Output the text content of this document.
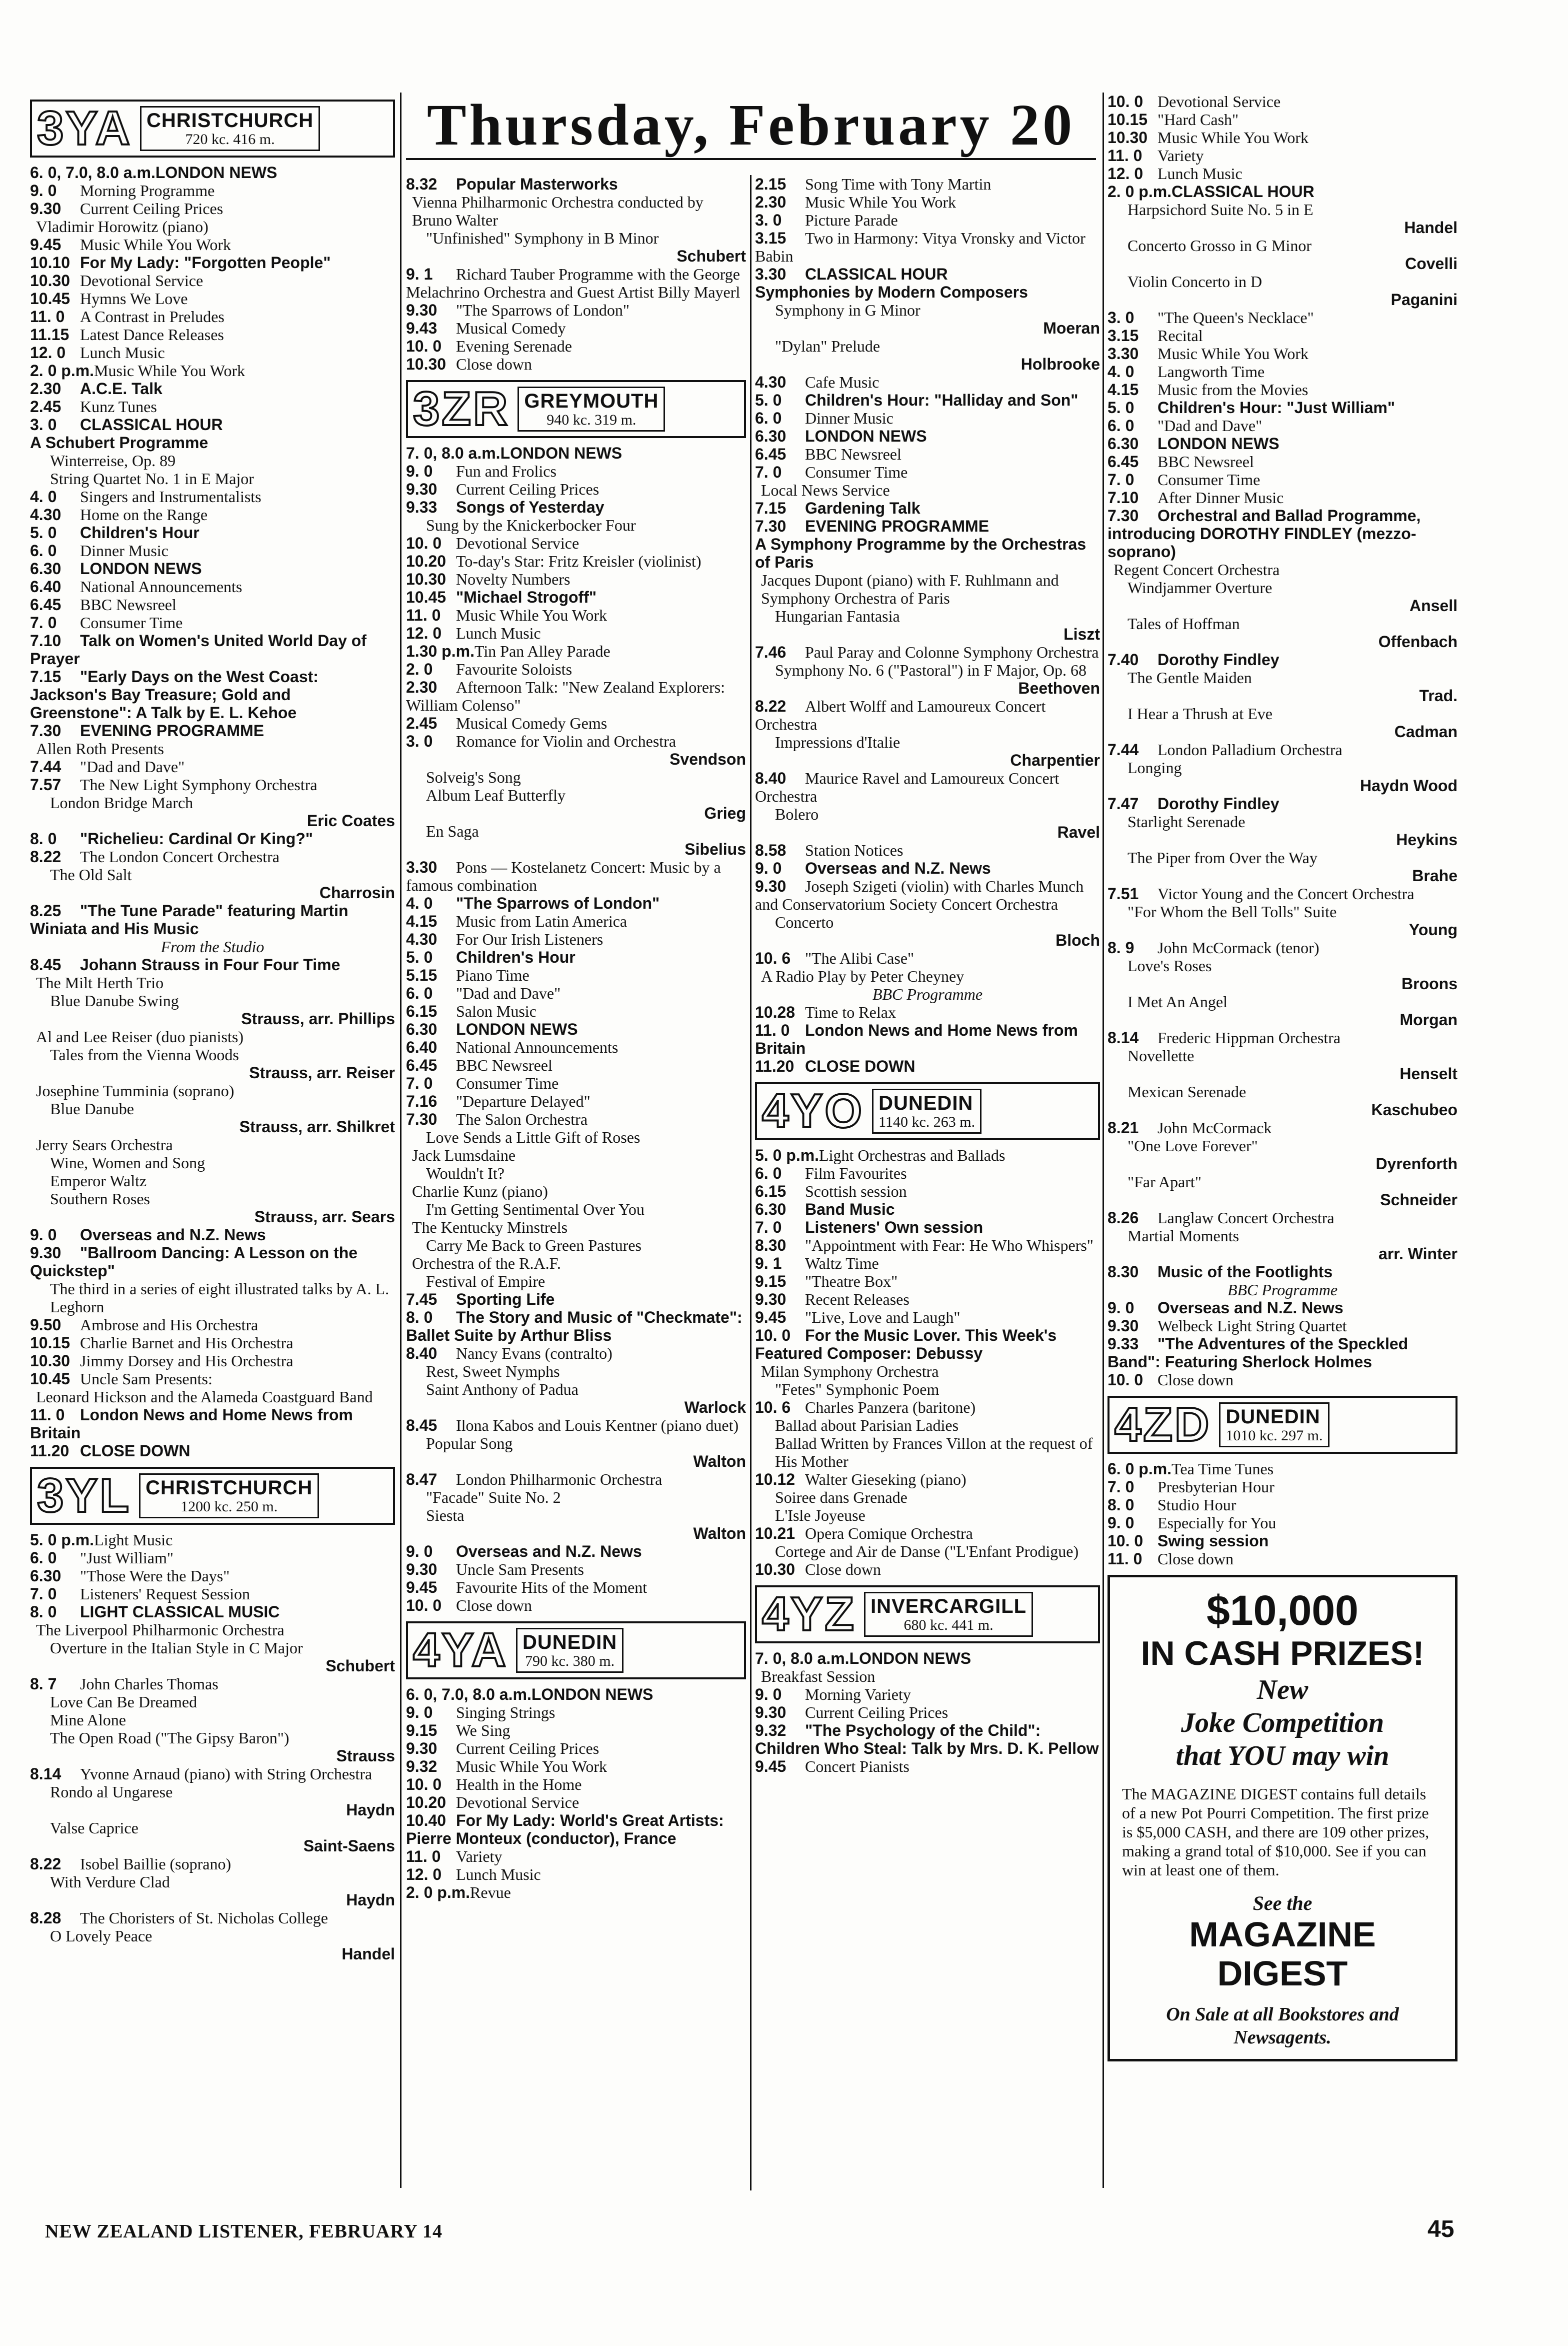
Thursday, February 20
3YA CHRISTCHURCH
720 kc. 416 m.
6. 0, 7.0, 8.0 a.m.LONDON NEWS
9. 0 Morning Programme
9.30 Current Ceiling Prices
Vladimir Horowitz (piano)
9.45 Music While You Work
10.10 For My Lady: "Forgotten People"
10.30 Devotional Service
10.45 Hymns We Love
11. 0 A Contrast in Preludes
11.15 Latest Dance Releases
12. 0 Lunch Music
2. 0 p.m.Music While You Work
2.30 A.C.E. Talk
2.45 Kunz Tunes
3. 0 CLASSICAL HOUR
A Schubert Programme
Winterreise, Op. 89
String Quartet No. 1 in E Major
4. 0 Singers and Instrumentalists
4.30 Home on the Range
5. 0 Children's Hour
6. 0 Dinner Music
6.30 LONDON NEWS
6.40 National Announcements
6.45 BBC Newsreel
7. 0 Consumer Time
7.10 Talk on Women's United World Day of Prayer
7.15 "Early Days on the West Coast: Jackson's Bay Treasure; Gold and Greenstone": A Talk by E. L. Kehoe
7.30 EVENING PROGRAMME
Allen Roth Presents
7.44 "Dad and Dave"
7.57 The New Light Symphony Orchestra
London Bridge March
Eric Coates
8. 0 "Richelieu: Cardinal Or King?"
8.22 The London Concert Orchestra
The Old Salt
Charrosin
8.25 "The Tune Parade" featuring Martin Winiata and His Music
From the Studio
8.45 Johann Strauss in Four Four Time
The Milt Herth Trio
Blue Danube Swing
Strauss, arr. Phillips
Al and Lee Reiser (duo pianists)
Tales from the Vienna Woods
Strauss, arr. Reiser
Josephine Tumminia (soprano)
Blue Danube
Strauss, arr. Shilkret
Jerry Sears Orchestra
Wine, Women and Song
Emperor Waltz
Southern Roses
Strauss, arr. Sears
9. 0 Overseas and N.Z. News
9.30 "Ballroom Dancing: A Lesson on the Quickstep"
The third in a series of eight illustrated talks by A. L. Leghorn
9.50 Ambrose and His Orchestra
10.15 Charlie Barnet and His Orchestra
10.30 Jimmy Dorsey and His Orchestra
10.45 Uncle Sam Presents:
Leonard Hickson and the Alameda Coastguard Band
11. 0 London News and Home News from Britain
11.20 CLOSE DOWN
3YL CHRISTCHURCH
1200 kc. 250 m.
5. 0 p.m.Light Music
6. 0 "Just William"
6.30 "Those Were the Days"
7. 0 Listeners' Request Session
8. 0 LIGHT CLASSICAL MUSIC
The Liverpool Philharmonic Orchestra
Overture in the Italian Style in C Major
Schubert
8. 7 John Charles Thomas
Love Can Be Dreamed
Mine Alone
The Open Road ("The Gipsy Baron")
Strauss
8.14 Yvonne Arnaud (piano) with String Orchestra
Rondo al Ungarese
Haydn
Valse Caprice
Saint-Saens
8.22 Isobel Baillie (soprano)
With Verdure Clad
Haydn
8.28 The Choristers of St. Nicholas College
O Lovely Peace
Handel
8.32 Popular Masterworks
Vienna Philharmonic Orchestra conducted by Bruno Walter
"Unfinished" Symphony in B Minor
Schubert
9. 1 Richard Tauber Programme with the George Melachrino Orchestra and Guest Artist Billy Mayerl
9.30 "The Sparrows of London"
9.43 Musical Comedy
10. 0 Evening Serenade
10.30 Close down
3ZR GREYMOUTH
940 kc. 319 m.
7. 0, 8.0 a.m.LONDON NEWS
9. 0 Fun and Frolics
9.30 Current Ceiling Prices
9.33 Songs of Yesterday
Sung by the Knickerbocker Four
10. 0 Devotional Service
10.20 To-day's Star: Fritz Kreisler (violinist)
10.30 Novelty Numbers
10.45 "Michael Strogoff"
11. 0 Music While You Work
12. 0 Lunch Music
1.30 p.m.Tin Pan Alley Parade
2. 0 Favourite Soloists
2.30 Afternoon Talk: "New Zealand Explorers: William Colenso"
2.45 Musical Comedy Gems
3. 0 Romance for Violin and Orchestra
Svendson
Solveig's Song
Album Leaf Butterfly
Grieg
En Saga
Sibelius
3.30 Pons — Kostelanetz Concert: Music by a famous combination
4. 0 "The Sparrows of London"
4.15 Music from Latin America
4.30 For Our Irish Listeners
5. 0 Children's Hour
5.15 Piano Time
6. 0 "Dad and Dave"
6.15 Salon Music
6.30 LONDON NEWS
6.40 National Announcements
6.45 BBC Newsreel
7. 0 Consumer Time
7.16 "Departure Delayed"
7.30 The Salon Orchestra
Love Sends a Little Gift of Roses
Jack Lumsdaine
Wouldn't It?
Charlie Kunz (piano)
I'm Getting Sentimental Over You
The Kentucky Minstrels
Carry Me Back to Green Pastures
Orchestra of the R.A.F.
Festival of Empire
7.45 Sporting Life
8. 0 The Story and Music of "Checkmate": Ballet Suite by Arthur Bliss
8.40 Nancy Evans (contralto)
Rest, Sweet Nymphs
Saint Anthony of Padua
Warlock
8.45 Ilona Kabos and Louis Kentner (piano duet)
Popular Song
Walton
8.47 London Philharmonic Orchestra
"Facade" Suite No. 2
Siesta
Walton
9. 0 Overseas and N.Z. News
9.30 Uncle Sam Presents
9.45 Favourite Hits of the Moment
10. 0 Close down
4YA DUNEDIN
790 kc. 380 m.
6. 0, 7.0, 8.0 a.m.LONDON NEWS
9. 0 Singing Strings
9.15 We Sing
9.30 Current Ceiling Prices
9.32 Music While You Work
10. 0 Health in the Home
10.20 Devotional Service
10.40 For My Lady: World's Great Artists: Pierre Monteux (conductor), France
11. 0 Variety
12. 0 Lunch Music
2. 0 p.m.Revue
2.15 Song Time with Tony Martin
2.30 Music While You Work
3. 0 Picture Parade
3.15 Two in Harmony: Vitya Vronsky and Victor Babin
3.30 CLASSICAL HOUR
Symphonies by Modern Composers
Symphony in G Minor
Moeran
"Dylan" Prelude
Holbrooke
4.30 Cafe Music
5. 0 Children's Hour: "Halliday and Son"
6. 0 Dinner Music
6.30 LONDON NEWS
6.45 BBC Newsreel
7. 0 Consumer Time
Local News Service
7.15 Gardening Talk
7.30 EVENING PROGRAMME
A Symphony Programme by the Orchestras of Paris
Jacques Dupont (piano) with F. Ruhlmann and Symphony Orchestra of Paris
Hungarian Fantasia
Liszt
7.46 Paul Paray and Colonne Symphony Orchestra
Symphony No. 6 ("Pastoral") in F Major, Op. 68
Beethoven
8.22 Albert Wolff and Lamoureux Concert Orchestra
Impressions d'Italie
Charpentier
8.40 Maurice Ravel and Lamoureux Concert Orchestra
Bolero
Ravel
8.58 Station Notices
9. 0 Overseas and N.Z. News
9.30 Joseph Szigeti (violin) with Charles Munch and Conservatorium Society Concert Orchestra
Concerto
Bloch
10. 6 "The Alibi Case"
A Radio Play by Peter Cheyney
BBC Programme
10.28 Time to Relax
11. 0 London News and Home News from Britain
11.20 CLOSE DOWN
4YO DUNEDIN
1140 kc. 263 m.
5. 0 p.m.Light Orchestras and Ballads
6. 0 Film Favourites
6.15 Scottish session
6.30 Band Music
7. 0 Listeners' Own session
8.30 "Appointment with Fear: He Who Whispers"
9. 1 Waltz Time
9.15 "Theatre Box"
9.30 Recent Releases
9.45 "Live, Love and Laugh"
10. 0 For the Music Lover. This Week's Featured Composer: Debussy
Milan Symphony Orchestra
"Fetes" Symphonic Poem
10. 6 Charles Panzera (baritone)
Ballad about Parisian Ladies
Ballad Written by Frances Villon at the request of His Mother
10.12 Walter Gieseking (piano)
Soiree dans Grenade
L'Isle Joyeuse
10.21 Opera Comique Orchestra
Cortege and Air de Danse ("L'Enfant Prodigue)
10.30 Close down
4YZ INVERCARGILL
680 kc. 441 m.
7. 0, 8.0 a.m.LONDON NEWS
Breakfast Session
9. 0 Morning Variety
9.30 Current Ceiling Prices
9.32 "The Psychology of the Child": Children Who Steal: Talk by Mrs. D. K. Pellow
9.45 Concert Pianists
10. 0 Devotional Service
10.15 "Hard Cash"
10.30 Music While You Work
11. 0 Variety
12. 0 Lunch Music
2. 0 p.m.CLASSICAL HOUR
Harpsichord Suite No. 5 in E
Handel
Concerto Grosso in G Minor
Covelli
Violin Concerto in D
Paganini
3. 0 "The Queen's Necklace"
3.15 Recital
3.30 Music While You Work
4. 0 Langworth Time
4.15 Music from the Movies
5. 0 Children's Hour: "Just William"
6. 0 "Dad and Dave"
6.30 LONDON NEWS
6.45 BBC Newsreel
7. 0 Consumer Time
7.10 After Dinner Music
7.30 Orchestral and Ballad Programme, introducing DOROTHY FINDLEY (mezzo-soprano)
Regent Concert Orchestra
Windjammer Overture
Ansell
Tales of Hoffman
Offenbach
7.40 Dorothy Findley
The Gentle Maiden
Trad.
I Hear a Thrush at Eve
Cadman
7.44 London Palladium Orchestra
Longing
Haydn Wood
7.47 Dorothy Findley
Starlight Serenade
Heykins
The Piper from Over the Way
Brahe
7.51 Victor Young and the Concert Orchestra
"For Whom the Bell Tolls" Suite
Young
8. 9 John McCormack (tenor)
Love's Roses
Broons
I Met An Angel
Morgan
8.14 Frederic Hippman Orchestra
Novellette
Henselt
Mexican Serenade
Kaschubeo
8.21 John McCormack
"One Love Forever"
Dyrenforth
"Far Apart"
Schneider
8.26 Langlaw Concert Orchestra
Martial Moments
arr. Winter
8.30 Music of the Footlights
BBC Programme
9. 0 Overseas and N.Z. News
9.30 Welbeck Light String Quartet
9.33 "The Adventures of the Speckled Band": Featuring Sherlock Holmes
10. 0 Close down
4ZD DUNEDIN
1010 kc. 297 m.
6. 0 p.m.Tea Time Tunes
7. 0 Presbyterian Hour
8. 0 Studio Hour
9. 0 Especially for You
10. 0 Swing session
11. 0 Close down
$10,000
IN CASH PRIZES!
New
Joke Competition
that YOU may win
The MAGAZINE DIGEST contains full details of a new Pot Pourri Competition. The first prize is $5,000 CASH, and there are 109 other prizes, making a grand total of $10,000. See if you can win at least one of them.
See the
MAGAZINE
DIGEST
On Sale at all Bookstores and Newsagents.
NEW ZEALAND LISTENER, FEBRUARY 14	45
